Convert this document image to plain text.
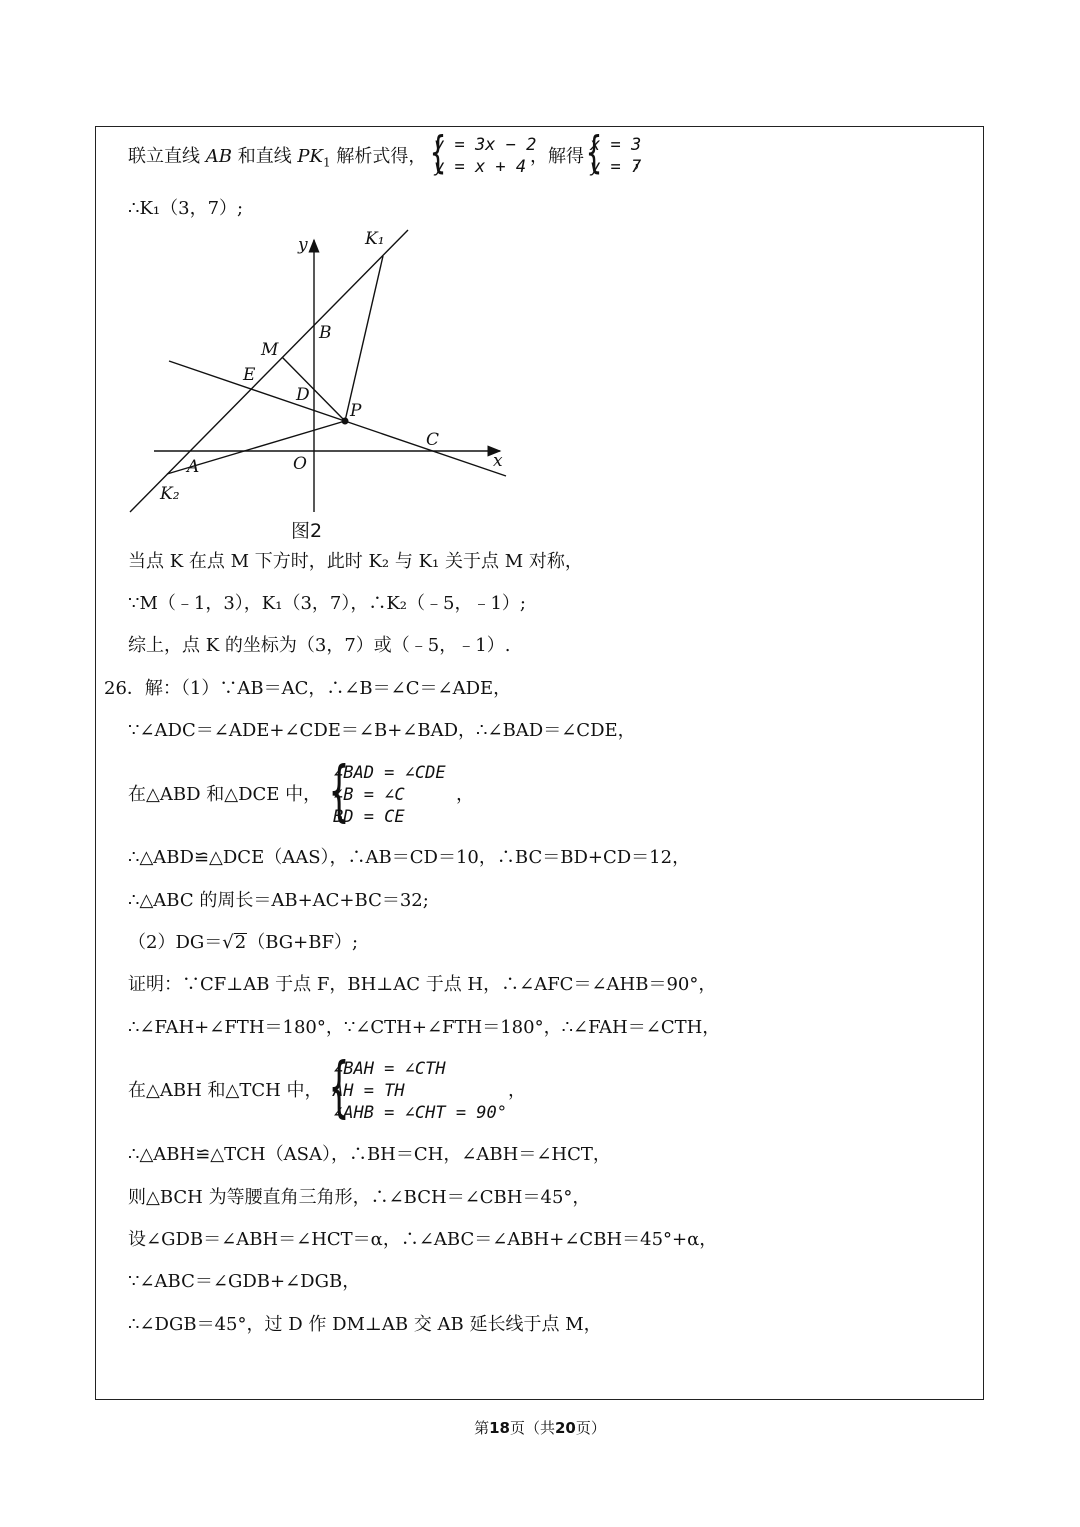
联立直线 AB 和直线 $PK_1$ 解析式得， {
y = 3x − 2
y = x + 4 ，解得 {
x = 3
y = 7
，
∴K₁（3，7）;
y
x
K₁
B
M
E
D
P
C
A	O
K₂
图2
当点 K 在点 M 下方时，此时 K₂ 与 K₁ 关于点 M 对称，
∵M（﹣1，3），K₁（3，7），∴K₂（﹣5，﹣1）;
综上，点 K 的坐标为（3，7）或（﹣5，﹣1）.
26．解：（1）∵AB＝AC，∴∠B＝∠C＝∠ADE，
∵∠ADC＝∠ADE+∠CDE＝∠B+∠BAD，∴∠BAD＝∠CDE，
在△ABD 和△DCE 中， {
∠BAD = ∠CDE
∠B = ∠C
BD = CE
，
∴△ABD≌△DCE（AAS），∴AB＝CD＝10，∴BC＝BD+CD＝12，
∴△ABC 的周长＝AB+AC+BC＝32;
（2）DG＝√2（BG+BF）;
证明：∵CF⊥AB 于点 F，BH⊥AC 于点 H，∴∠AFC＝∠AHB＝90°，
∴∠FAH+∠FTH＝180°，∵∠CTH+∠FTH＝180°，∴∠FAH＝∠CTH，
在△ABH 和△TCH 中， {
∠BAH = ∠CTH
AH = TH
∠AHB = ∠CHT = 90°
，
∴△ABH≌△TCH（ASA），∴BH＝CH，∠ABH＝∠HCT，
则△BCH 为等腰直角三角形，∴∠BCH＝∠CBH＝45°，
设∠GDB＝∠ABH＝∠HCT＝α，∴∠ABC＝∠ABH+∠CBH＝45°+α，
∵∠ABC＝∠GDB+∠DGB，
∴∠DGB＝45°，过 D 作 DM⊥AB 交 AB 延长线于点 M，
第18页（共20页）
